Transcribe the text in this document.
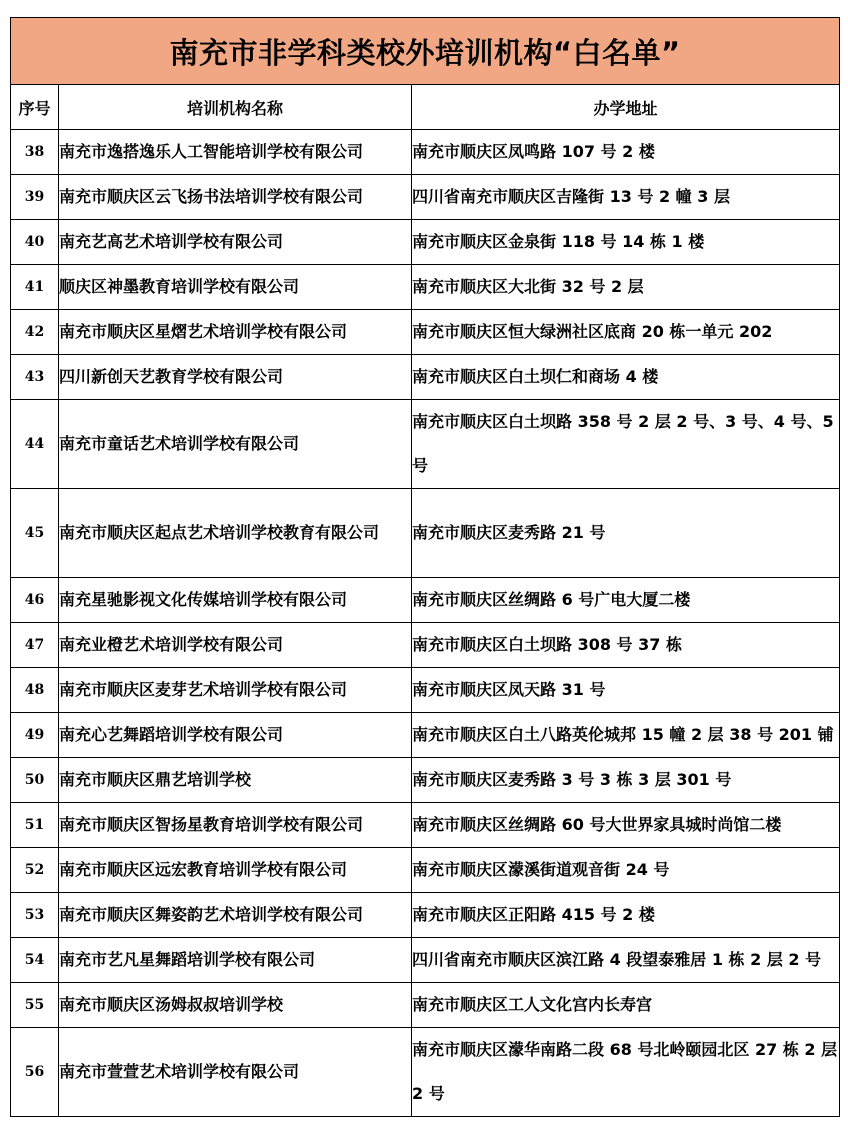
南充市非学科类校外培训机构“白名单”		
序号	培训机构名称	办学地址
38	南充市逸搭逸乐人工智能培训学校有限公司	南充市顺庆区凤鸣路 107 号 2 楼
39	南充市顺庆区云飞扬书法培训学校有限公司	四川省南充市顺庆区吉隆街 13 号 2 幢 3 层
40	南充艺高艺术培训学校有限公司	南充市顺庆区金泉街 118 号 14 栋 1 楼
41	顺庆区神墨教育培训学校有限公司	南充市顺庆区大北街 32 号 2 层
42	南充市顺庆区星熠艺术培训学校有限公司	南充市顺庆区恒大绿洲社区底商 20 栋一单元 202
43	四川新创天艺教育学校有限公司	南充市顺庆区白土坝仁和商场 4 楼
44	南充市童话艺术培训学校有限公司	南充市顺庆区白土坝路 358 号 2 层 2 号、3 号、4 号、5 号
45	南充市顺庆区起点艺术培训学校教育有限公司	南充市顺庆区麦秀路 21 号
46	南充星驰影视文化传媒培训学校有限公司	南充市顺庆区丝绸路 6 号广电大厦二楼
47	南充业橙艺术培训学校有限公司	南充市顺庆区白土坝路 308 号 37 栋
48	南充市顺庆区麦芽艺术培训学校有限公司	南充市顺庆区凤天路 31 号
49	南充心艺舞蹈培训学校有限公司	南充市顺庆区白土八路英伦城邦 15 幢 2 层 38 号 201 铺
50	南充市顺庆区鼎艺培训学校	南充市顺庆区麦秀路 3 号 3 栋 3 层 301 号
51	南充市顺庆区智扬星教育培训学校有限公司	南充市顺庆区丝绸路 60 号大世界家具城时尚馆二楼
52	南充市顺庆区远宏教育培训学校有限公司	南充市顺庆区濛溪街道观音街 24 号
53	南充市顺庆区舞姿韵艺术培训学校有限公司	南充市顺庆区正阳路 415 号 2 楼
54	南充市艺凡星舞蹈培训学校有限公司	四川省南充市顺庆区滨江路 4 段望泰雅居 1 栋 2 层 2 号
55	南充市顺庆区汤姆叔叔培训学校	南充市顺庆区工人文化宫内长寿宫
56	南充市萱萱艺术培训学校有限公司	南充市顺庆区濛华南路二段 68 号北岭颐园北区 27 栋 2 层 2 号
